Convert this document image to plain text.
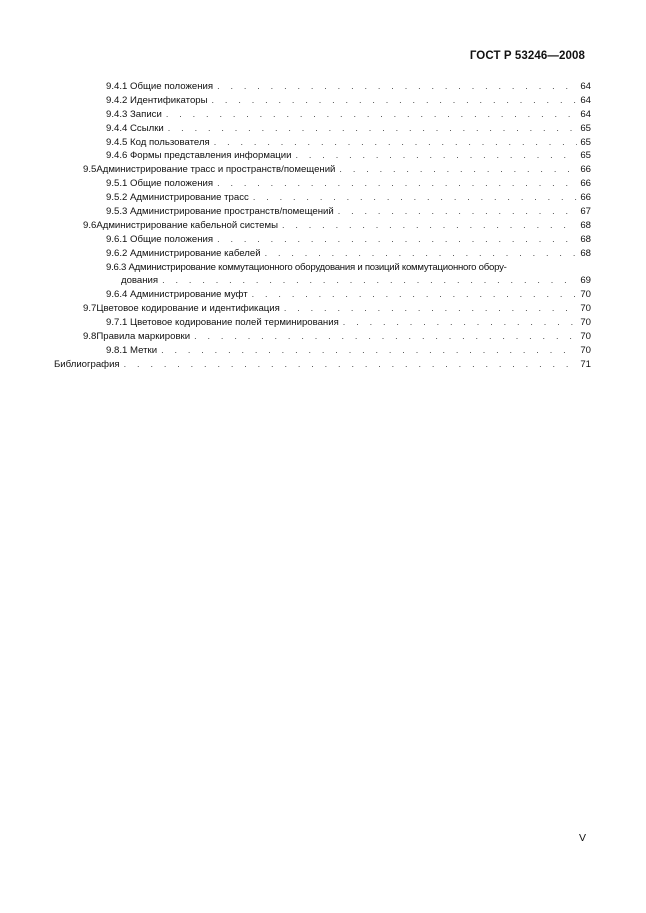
ГОСТ Р 53246—2008
9.4.1 Общие положения . . .	64
9.4.2 Идентификаторы . . .	64
9.4.3 Записи . . .	64
9.4.4 Ссылки . . .	65
9.4.5 Код пользователя . . .	65
9.4.6 Формы представления информации . . .	65
9.5 Администрирование трасс и пространств/помещений . . .	66
9.5.1 Общие положения . . .	66
9.5.2 Администрирование трасс . . .	66
9.5.3 Администрирование пространств/помещений . . .	67
9.6 Администрирование кабельной системы . . .	68
9.6.1 Общие положения . . .	68
9.6.2 Администрирование кабелей . . .	68
9.6.3 Администрирование коммутационного оборудования и позиций коммутационного обору-
дования . . .	69
9.6.4 Администрирование муфт . . .	70
9.7 Цветовое кодирование и идентификация . . .	70
9.7.1 Цветовое кодирование полей терминирования . . .	70
9.8 Правила маркировки . . .	70
9.8.1 Метки . . .	70
Библиография . . .	71
V
